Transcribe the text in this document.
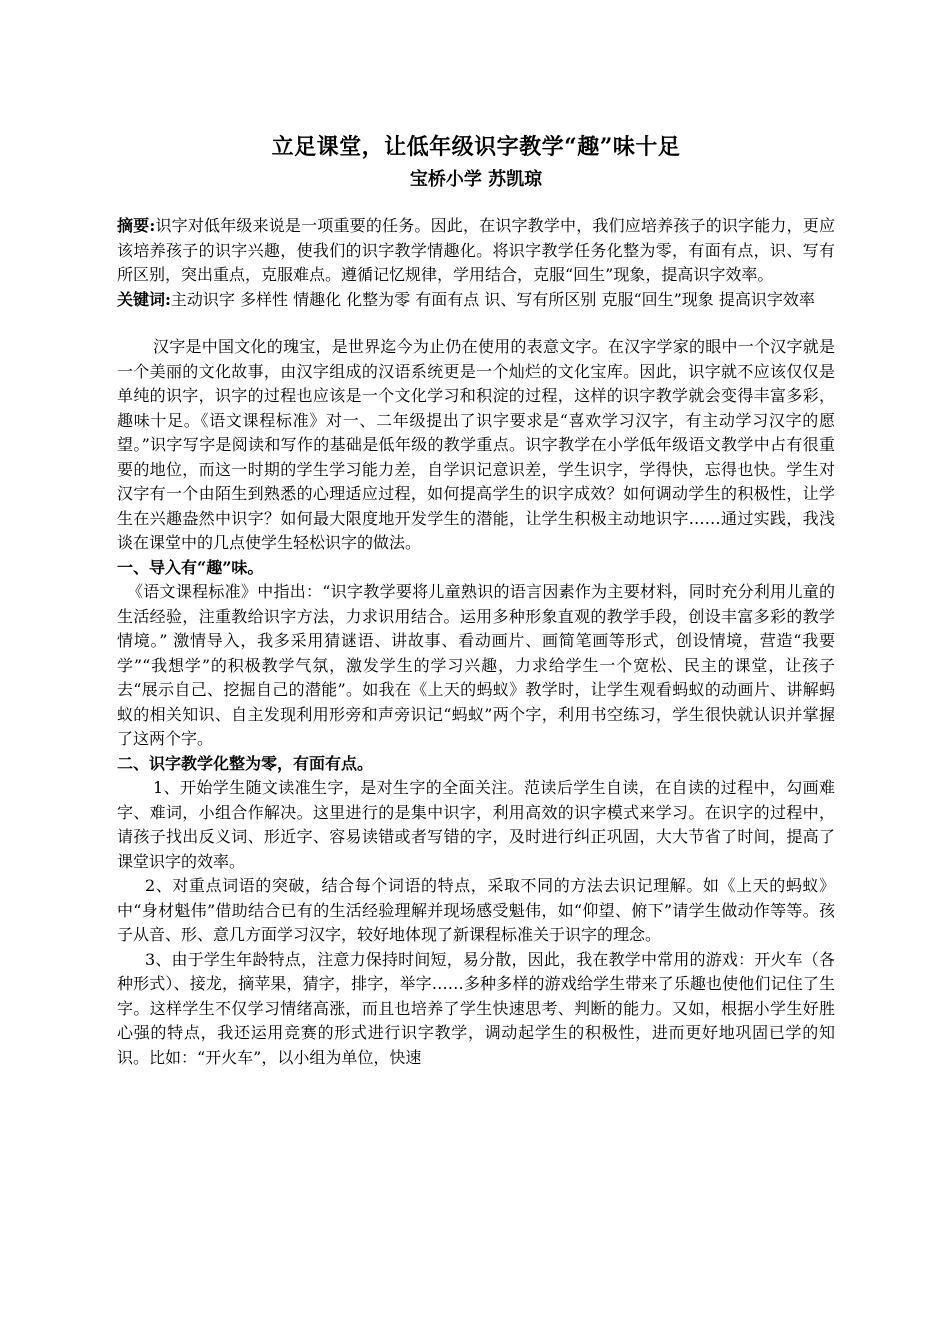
立足课堂，让低年级识字教学“趣”味十足
宝桥小学 苏凯琼

摘要:识字对低年级来说是一项重要的任务。因此，在识字教学中，我们应培养孩子的识字能力，更应该培养孩子的识字兴趣，使我们的识字教学情趣化。将识字教学任务化整为零，有面有点，识、写有所区别，突出重点，克服难点。遵循记忆规律，学用结合，克服“回生”现象，提高识字效率。

关键词:主动识字 多样性 情趣化 化整为零 有面有点 识、写有所区别 克服“回生”现象 提高识字效率

汉字是中国文化的瑰宝，是世界迄今为止仍在使用的表意文字。在汉字学家的眼中一个汉字就是一个美丽的文化故事，由汉字组成的汉语系统更是一个灿烂的文化宝库。因此，识字就不应该仅仅是单纯的识字，识字的过程也应该是一个文化学习和积淀的过程，这样的识字教学就会变得丰富多彩，趣味十足。《语文课程标准》对一、二年级提出了识字要求是“喜欢学习汉字，有主动学习汉字的愿望。”识字写字是阅读和写作的基础是低年级的教学重点。识字教学在小学低年级语文教学中占有很重要的地位，而这一时期的学生学习能力差，自学识记意识差，学生识字，学得快，忘得也快。学生对汉字有一个由陌生到熟悉的心理适应过程，如何提高学生的识字成效？如何调动学生的积极性，让学生在兴趣盎然中识字？如何最大限度地开发学生的潜能，让学生积极主动地识字……通过实践，我浅谈在课堂中的几点使学生轻松识字的做法。

一、导入有“趣”味。

《语文课程标准》中指出：“识字教学要将儿童熟识的语言因素作为主要材料，同时充分利用儿童的生活经验，注重教给识字方法，力求识用结合。运用多种形象直观的教学手段，创设丰富多彩的教学情境。” 激情导入，我多采用猜谜语、讲故事、看动画片、画简笔画等形式，创设情境，营造“我要学”“我想学”的积极教学气氛，激发学生的学习兴趣，力求给学生一个宽松、民主的课堂，让孩子去“展示自己、挖掘自己的潜能”。如我在《上天的蚂蚁》教学时，让学生观看蚂蚁的动画片、讲解蚂蚁的相关知识、自主发现利用形旁和声旁识记“蚂蚁”两个字，利用书空练习，学生很快就认识并掌握了这两个字。

二、识字教学化整为零，有面有点。

1、开始学生随文读准生字，是对生字的全面关注。范读后学生自读，在自读的过程中，勾画难字、难词，小组合作解决。这里进行的是集中识字，利用高效的识字模式来学习。在识字的过程中，请孩子找出反义词、形近字、容易读错或者写错的字，及时进行纠正巩固，大大节省了时间，提高了课堂识字的效率。

2、对重点词语的突破，结合每个词语的特点，采取不同的方法去识记理解。如《上天的蚂蚁》中“身材魁伟”借助结合已有的生活经验理解并现场感受魁伟，如“仰望、俯下”请学生做动作等等。孩子从音、形、意几方面学习汉字，较好地体现了新课程标准关于识字的理念。

3、由于学生年龄特点，注意力保持时间短，易分散，因此，我在教学中常用的游戏：开火车（各种形式）、接龙，摘苹果，猜字，排字，举字……多种多样的游戏给学生带来了乐趣也使他们记住了生字。这样学生不仅学习情绪高涨，而且也培养了学生快速思考、判断的能力。又如，根据小学生好胜心强的特点，我还运用竞赛的形式进行识字教学，调动起学生的积极性，进而更好地巩固已学的知识。比如：“开火车”，以小组为单位，快速
